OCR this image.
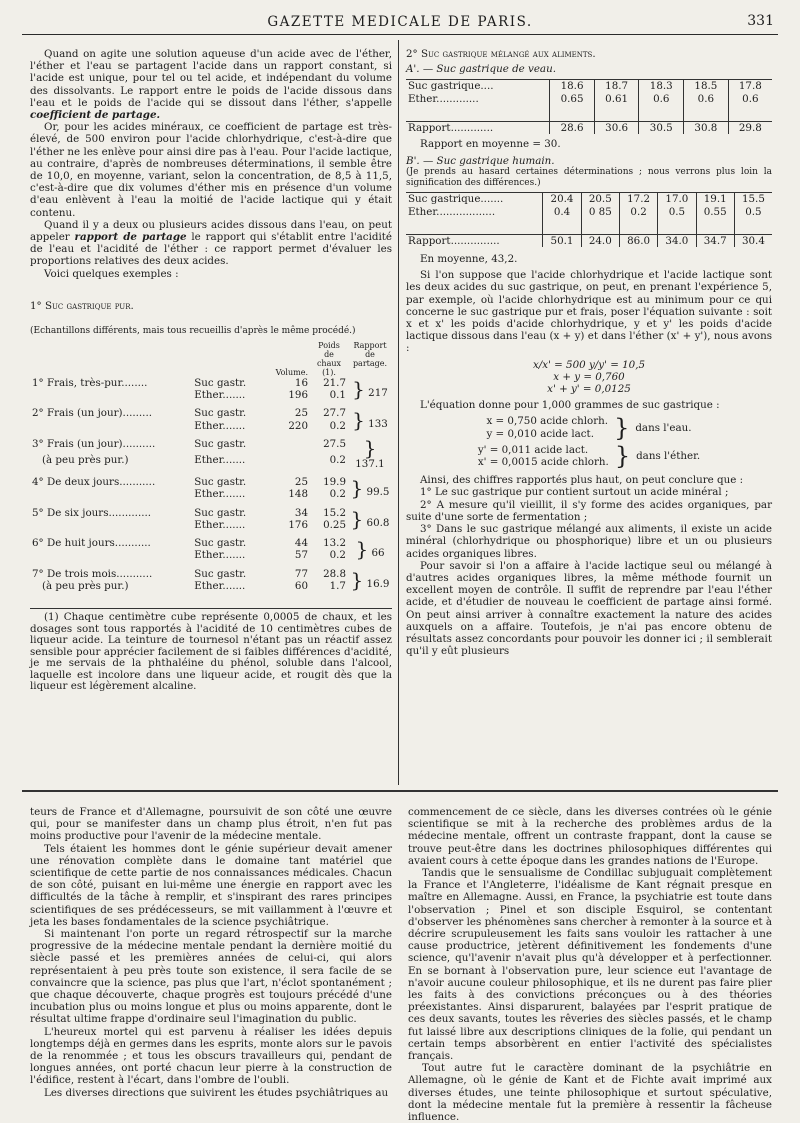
GAZETTE MEDICALE DE PARIS.	331

Quand on agite une solution aqueuse d'un acide avec de l'éther, l'éther et l'eau se partagent l'acide dans un rapport constant, si l'acide est unique, pour tel ou tel acide, et indépendant du volume des dissolvants. Le rapport entre le poids de l'acide dissous dans l'eau et le poids de l'acide qui se dissout dans l'éther, s'appelle coefficient de partage.

Or, pour les acides minéraux, ce coefficient de partage est très-élevé, de 500 environ pour l'acide chlorhydrique, c'est-à-dire que l'éther ne les enlève pour ainsi dire pas à l'eau. Pour l'acide lactique, au contraire, d'après de nombreuses déterminations, il semble être de 10,0, en moyenne, variant, selon la concentration, de 8,5 à 11,5, c'est-à-dire que dix volumes d'éther mis en présence d'un volume d'eau enlèvent à l'eau la moitié de l'acide lactique qui y était contenu.

Quand il y a deux ou plusieurs acides dissous dans l'eau, on peut appeler rapport de partage le rapport qui s'établit entre l'acidité de l'eau et l'acidité de l'éther : ce rapport permet d'évaluer les proportions relatives des deux acides.

Voici quelques exemples :

1° Suc gastrique pur.

(Echantillons différents, mais tous recueillis d'après le même procédé.)

		Volume.	Poids de chaux (1).	Rapport de partage.
1° Frais, très-pur........	Suc gastr.	16	21.7	} 217
	Ether.......	196	0.1	

2° Frais (un jour).........	Suc gastr.	25	27.7	} 133
	Ether.......	220	0.2	

3° Frais (un jour)..........	Suc gastr.		27.5	} 137.1
(à peu près pur.)	Ether.......		0.2	

4° De deux jours...........	Suc gastr.	25	19.9	} 99.5
	Ether.......	148	0.2	

5° De six jours.............	Suc gastr.	34	15.2	} 60.8
	Ether.......	176	0.25	

6° De huit jours...........	Suc gastr.	44	13.2	} 66
	Ether.......	57	0.2	

7° De trois mois...........	Suc gastr.	77	28.8	} 16.9
(à peu près pur.)	Ether.......	60	1.7	

(1) Chaque centimètre cube représente 0,0005 de chaux, et les dosages sont tous rapportés à l'acidité de 10 centimètres cubes de liqueur acide. La teinture de tournesol n'étant pas un réactif assez sensible pour apprécier facilement de si faibles différences d'acidité, je me servais de la phthaléine du phénol, soluble dans l'alcool, laquelle est incolore dans une liqueur acide, et rougit dès que la liqueur est légèrement alcaline.

2° Suc gastrique mélangé aux aliments.

A'. — Suc gastrique de veau.

Suc gastrique....	18.6	18.7	18.3	18.5	17.8
Ether.............	0.65	0.61	0.6	0.6	0.6

Rapport.............	28.6	30.6	30.5	30.8	29.8

Rapport en moyenne = 30.

B'. — Suc gastrique humain.

(Je prends au hasard certaines déterminations ; nous verrons plus loin la signification des différences.)

Suc gastrique.......	20.4	20.5	17.2	17.0	19.1	15.5
Ether..................	0.4	0 85	0.2	0.5	0.55	0.5

Rapport...............	50.1	24.0	86.0	34.0	34.7	30.4

En moyenne, 43,2.

Si l'on suppose que l'acide chlorhydrique et l'acide lactique sont les deux acides du suc gastrique, on peut, en prenant l'expérience 5, par exemple, où l'acide chlorhydrique est au minimum pour ce qui concerne le suc gastrique pur et frais, poser l'équation suivante : soit x et x' les poids d'acide chlorhydrique, y et y' les poids d'acide lactique dissous dans l'eau (x + y) et dans l'éther (x' + y'), nous avons :

x/x' = 500 y/y' = 10,5
x + y = 0,760
x' + y' = 0,0125

L'équation donne pour 1,000 grammes de suc gastrique :

x = 0,750 acide chlorh.
y = 0,010 acide lact. } dans l'eau.
y' = 0,011 acide lact.
x' = 0,0015 acide chlorh. } dans l'éther.

Ainsi, des chiffres rapportés plus haut, on peut conclure que :

1° Le suc gastrique pur contient surtout un acide minéral ;

2° A mesure qu'il vieillit, il s'y forme des acides organiques, par suite d'une sorte de fermentation ;

3° Dans le suc gastrique mélangé aux aliments, il existe un acide minéral (chlorhydrique ou phosphorique) libre et un ou plusieurs acides organiques libres.

Pour savoir si l'on a affaire à l'acide lactique seul ou mélangé à d'autres acides organiques libres, la même méthode fournit un excellent moyen de contrôle. Il suffit de reprendre par l'eau l'éther acide, et d'étudier de nouveau le coefficient de partage ainsi formé. On peut ainsi arriver à connaître exactement la nature des acides auxquels on a affaire. Toutefois, je n'ai pas encore obtenu de résultats assez concordants pour pouvoir les donner ici ; il semblerait qu'il y eût plusieurs

teurs de France et d'Allemagne, poursuivit de son côté une œuvre qui, pour se manifester dans un champ plus étroit, n'en fut pas moins productive pour l'avenir de la médecine mentale.

Tels étaient les hommes dont le génie supérieur devait amener une rénovation complète dans le domaine tant matériel que scientifique de cette partie de nos connaissances médicales. Chacun de son côté, puisant en lui-même une énergie en rapport avec les difficultés de la tâche à remplir, et s'inspirant des rares principes scientifiques de ses prédécesseurs, se mit vaillamment à l'œuvre et jeta les bases fondamentales de la science psychiâtrique.

Si maintenant l'on porte un regard rétrospectif sur la marche progressive de la médecine mentale pendant la dernière moitié du siècle passé et les premières années de celui-ci, qui alors représentaient à peu près toute son existence, il sera facile de se convaincre que la science, pas plus que l'art, n'éclot spontanément ; que chaque découverte, chaque progrès est toujours précédé d'une incubation plus ou moins longue et plus ou moins apparente, dont le résultat ultime frappe d'ordinaire seul l'imagination du public.

L'heureux mortel qui est parvenu à réaliser les idées depuis longtemps déjà en germes dans les esprits, monte alors sur le pavois de la renommée ; et tous les obscurs travailleurs qui, pendant de longues années, ont porté chacun leur pierre à la construction de l'édifice, restent à l'écart, dans l'ombre de l'oubli.

Les diverses directions que suivirent les études psychiâtriques au

commencement de ce siècle, dans les diverses contrées où le génie scientifique se mit à la recherche des problèmes ardus de la médecine mentale, offrent un contraste frappant, dont la cause se trouve peut-être dans les doctrines philosophiques différentes qui avaient cours à cette époque dans les grandes nations de l'Europe.

Tandis que le sensualisme de Condillac subjuguait complètement la France et l'Angleterre, l'idéalisme de Kant régnait presque en maître en Allemagne. Aussi, en France, la psychiatrie est toute dans l'observation ; Pinel et son disciple Esquirol, se contentant d'observer les phénomènes sans chercher à remonter à la source et à décrire scrupuleusement les faits sans vouloir les rattacher à une cause productrice, jetèrent définitivement les fondements d'une science, qu'l'avenir n'avait plus qu'à développer et à perfectionner. En se bornant à l'observation pure, leur science eut l'avantage de n'avoir aucune couleur philosophique, et ils ne durent pas faire plier les faits à des convictions préconçues ou à des théories préexistantes. Ainsi disparurent, balayées par l'esprit pratique de ces deux savants, toutes les rêveries des siècles passés, et le champ fut laissé libre aux descriptions cliniques de la folie, qui pendant un certain temps absorbèrent en entier l'activité des spécialistes français.

Tout autre fut le caractère dominant de la psychiâtrie en Allemagne, où le génie de Kant et de Fichte avait imprimé aux diverses études, une teinte philosophique et surtout spéculative, dont la médecine mentale fut la première à ressentir la fâcheuse influence.
